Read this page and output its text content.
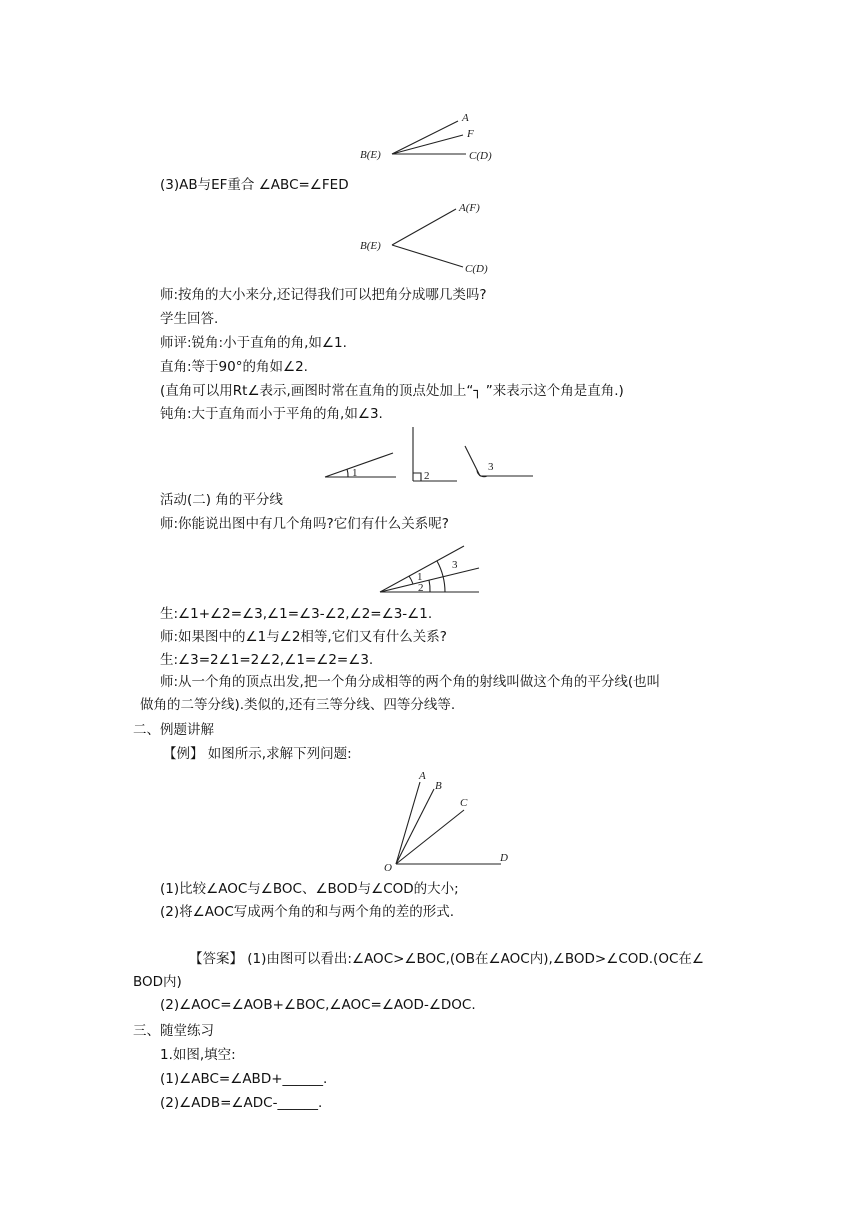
A
F
B(E)	C(D)
(3)AB与EF重合 ∠ABC=∠FED
A(F)
B(E)
C(D)
师:按角的大小来分,还记得我们可以把角分成哪几类吗?
学生回答.
师评:锐角:小于直角的角,如∠1.
直角:等于90°的角如∠2.
(直角可以用Rt∠表示,画图时常在直角的顶点处加上“┐ ”来表示这个角是直角.)
钝角:大于直角而小于平角的角,如∠3.
1	2
3
活动(二) 角的平分线
师:你能说出图中有几个角吗?它们有什么关系呢?
1
2
3
生:∠1+∠2=∠3,∠1=∠3-∠2,∠2=∠3-∠1.
师:如果图中的∠1与∠2相等,它们又有什么关系?
生:∠3=2∠1=2∠2,∠1=∠2=∠3.
师:从一个角的顶点出发,把一个角分成相等的两个角的射线叫做这个角的平分线(也叫
做角的二等分线).类似的,还有三等分线、四等分线等.
二、例题讲解
【例】 如图所示,求解下列问题:
A
B
C
D
O
(1)比较∠AOC与∠BOC、∠BOD与∠COD的大小;
(2)将∠AOC写成两个角的和与两个角的差的形式.
【答案】 (1)由图可以看出:∠AOC>∠BOC,(OB在∠AOC内),∠BOD>∠COD.(OC在∠
BOD内)
(2)∠AOC=∠AOB+∠BOC,∠AOC=∠AOD-∠DOC.
三、随堂练习
1.如图,填空:
(1)∠ABC=∠ABD+______.
(2)∠ADB=∠ADC-______.
